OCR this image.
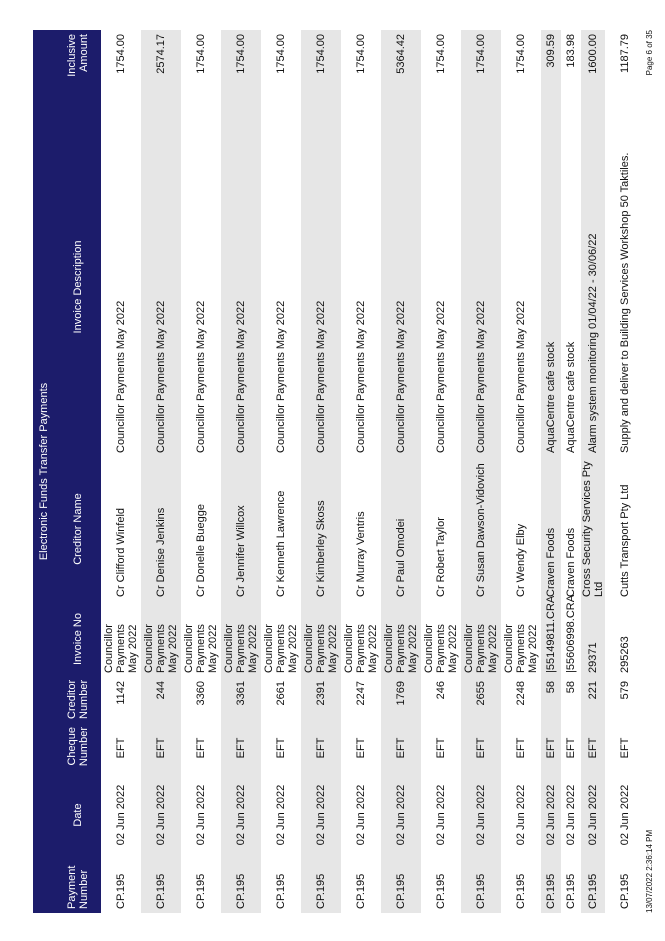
Electronic Funds Transfer Payments
Payment Number	Date	Cheque Number	Creditor Number	Invoice No	Creditor Name	Invoice Description	Inclusive Amount
CP.195	02 Jun 2022	EFT	1142	Councillor Payments May 2022	Cr Clifford Winfeld	Councillor Payments May 2022	1754.00
CP.195	02 Jun 2022	EFT	244	Councillor Payments May 2022	Cr Denise Jenkins	Councillor Payments May 2022	2574.17
CP.195	02 Jun 2022	EFT	3360	Councillor Payments May 2022	Cr Donelle Buegge	Councillor Payments May 2022	1754.00
CP.195	02 Jun 2022	EFT	3361	Councillor Payments May 2022	Cr Jennifer Willcox	Councillor Payments May 2022	1754.00
CP.195	02 Jun 2022	EFT	2661	Councillor Payments May 2022	Cr Kenneth Lawrence	Councillor Payments May 2022	1754.00
CP.195	02 Jun 2022	EFT	2391	Councillor Payments May 2022	Cr Kimberley Skoss	Councillor Payments May 2022	1754.00
CP.195	02 Jun 2022	EFT	2247	Councillor Payments May 2022	Cr Murray Ventris	Councillor Payments May 2022	1754.00
CP.195	02 Jun 2022	EFT	1769	Councillor Payments May 2022	Cr Paul Omodei	Councillor Payments May 2022	5364.42
CP.195	02 Jun 2022	EFT	246	Councillor Payments May 2022	Cr Robert Taylor	Councillor Payments May 2022	1754.00
CP.195	02 Jun 2022	EFT	2655	Councillor Payments May 2022	Cr Susan Dawson-Vidovich	Councillor Payments May 2022	1754.00
CP.195	02 Jun 2022	EFT	2248	Councillor Payments May 2022	Cr Wendy Elby	Councillor Payments May 2022	1754.00
CP.195	02 Jun 2022	EFT	58	|55149811.CRA	Craven Foods	AquaCentre cafe stock	309.59
CP.195	02 Jun 2022	EFT	58	|55606998.CRA	Craven Foods	AquaCentre cafe stock	183.98
CP.195	02 Jun 2022	EFT	221	29371	Cross Security Services Pty Ltd	Alarm system monitoring 01/04/22 - 30/06/22	1600.00
CP.195	02 Jun 2022	EFT	579	295263	Cutts Transport Pty Ltd	Supply and deliver to Building Services Workshop 50 Taktiles.	1187.79
13/07/2022 2:36:14 PM
Page 6 of 35
